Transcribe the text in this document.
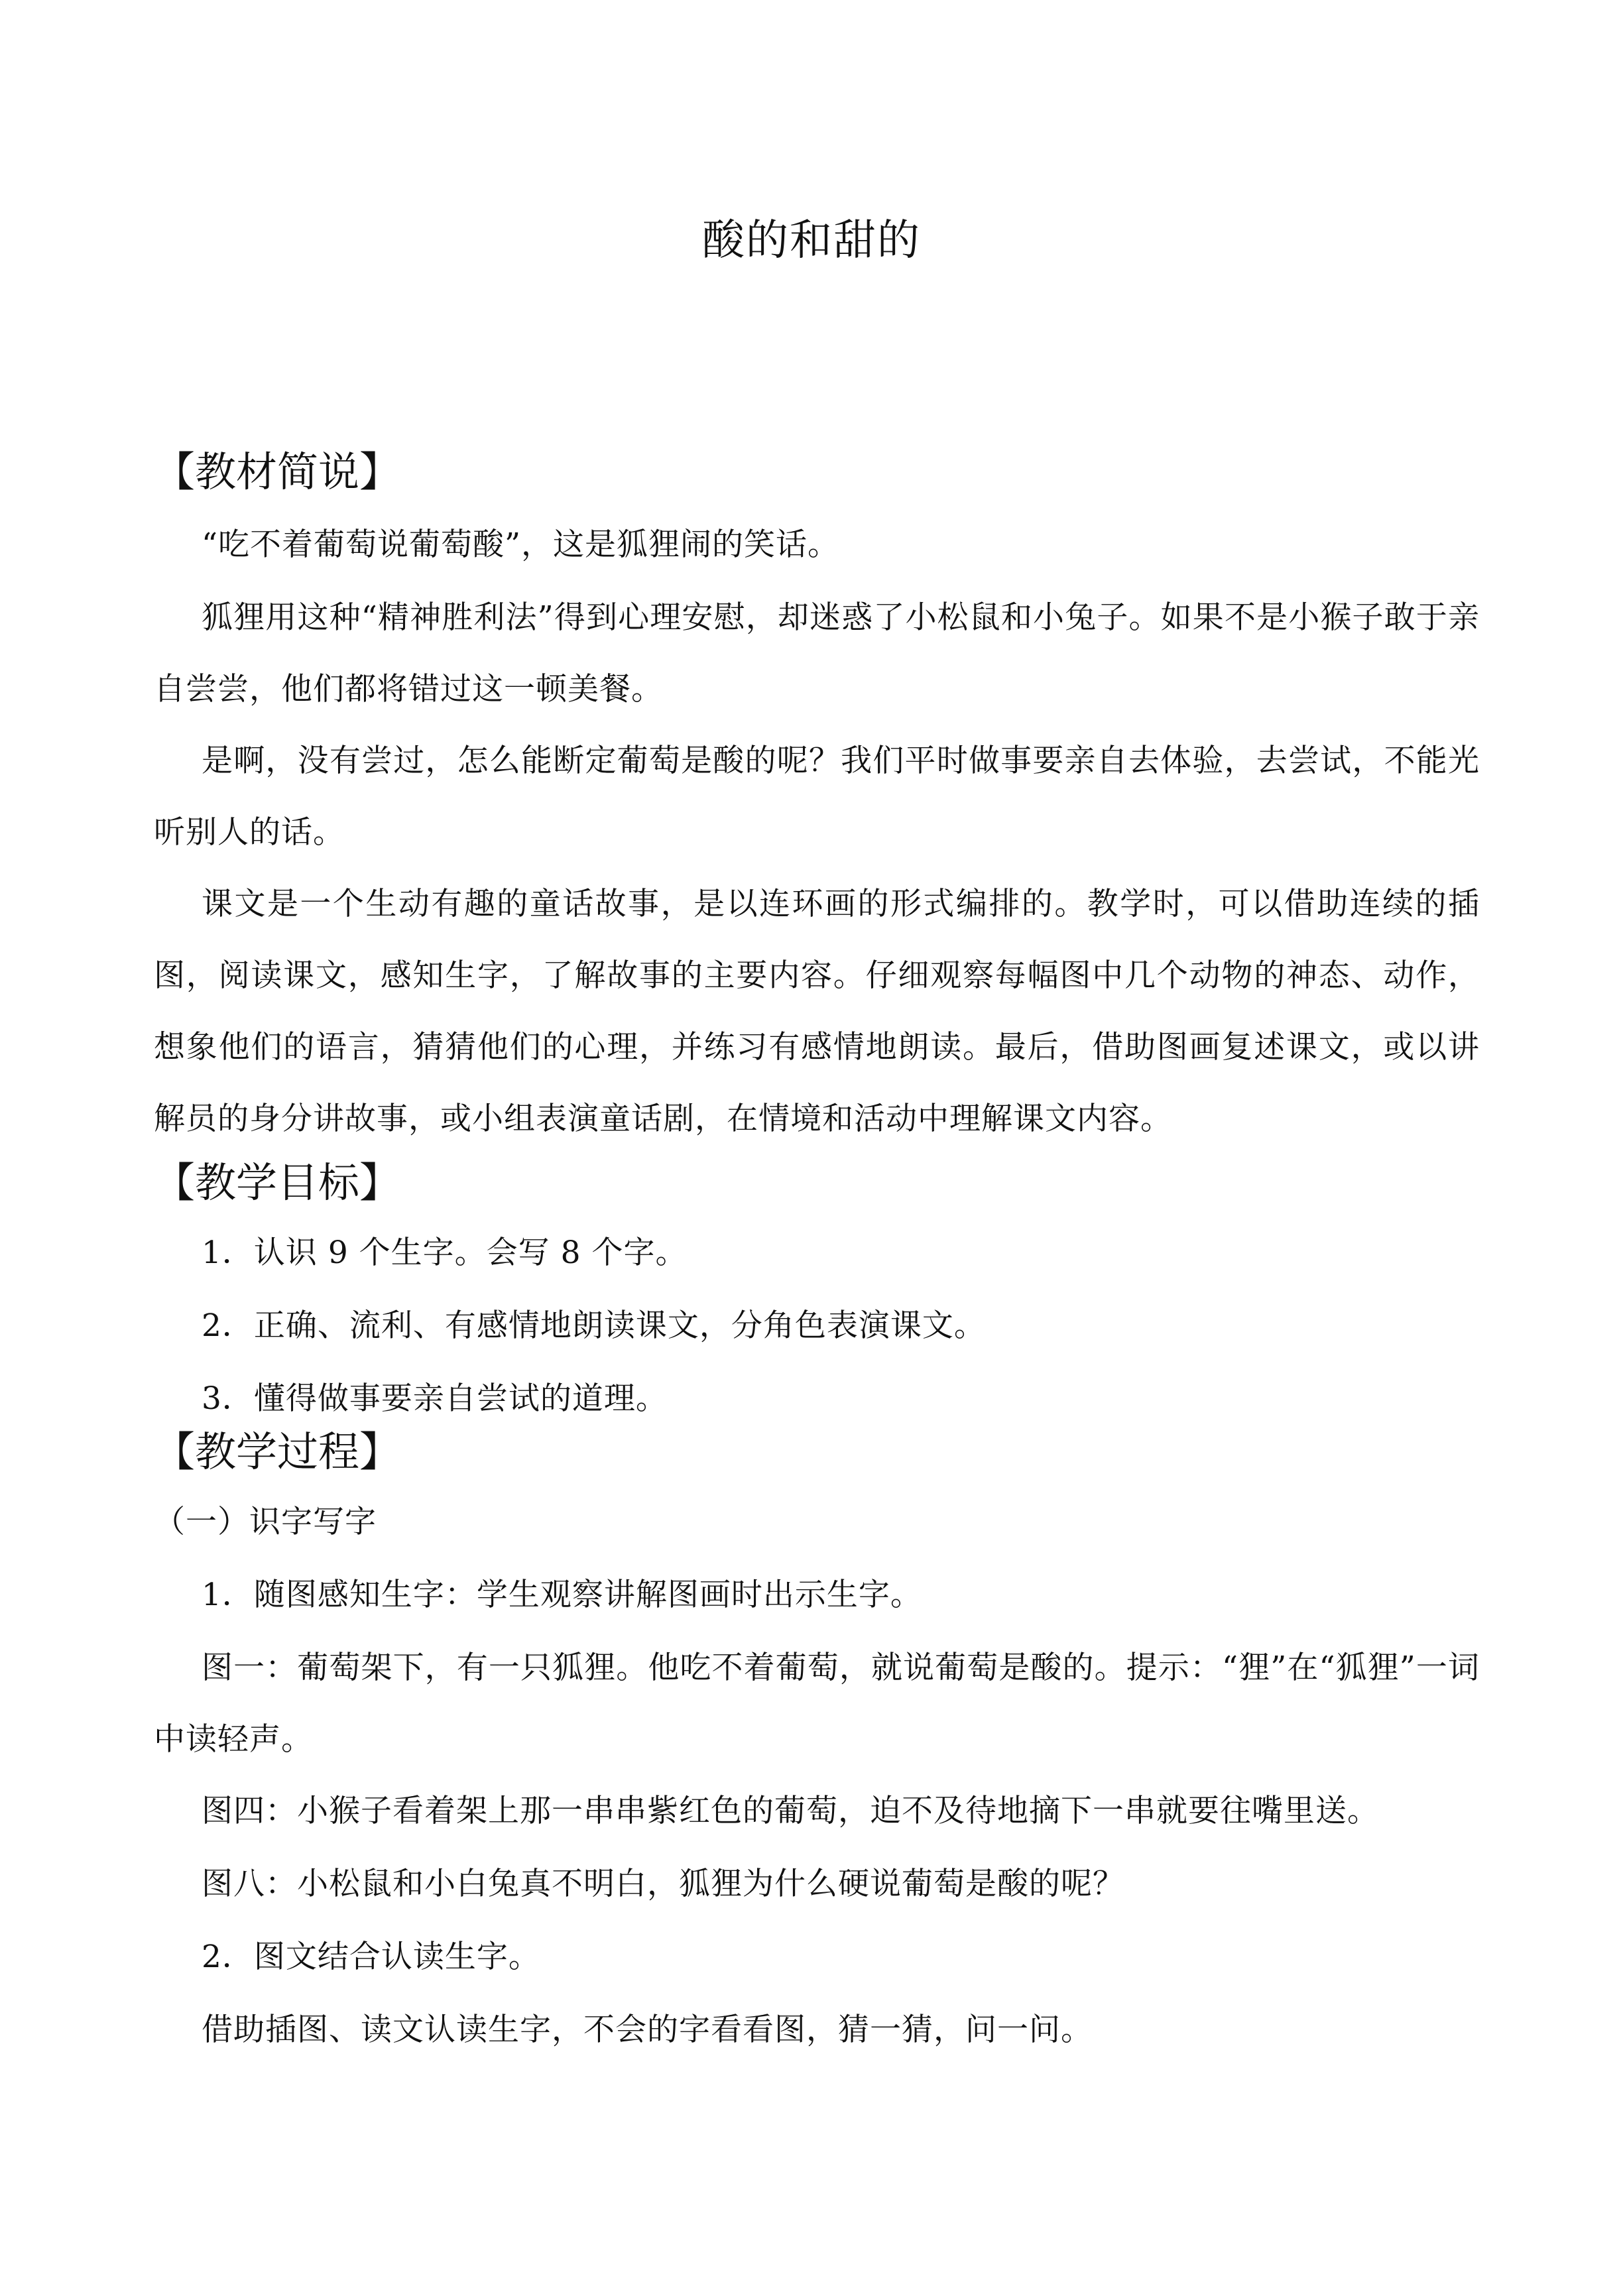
酸的和甜的
【教材简说】
“吃不着葡萄说葡萄酸”，这是狐狸闹的笑话。
狐狸用这种“精神胜利法”得到心理安慰，却迷惑了小松鼠和小兔子。如果不是小猴子敢于亲自尝尝，他们都将错过这一顿美餐。
是啊，没有尝过，怎么能断定葡萄是酸的呢？我们平时做事要亲自去体验，去尝试，不能光听别人的话。
课文是一个生动有趣的童话故事，是以连环画的形式编排的。教学时，可以借助连续的插图，阅读课文，感知生字，了解故事的主要内容。仔细观察每幅图中几个动物的神态、动作，想象他们的语言，猜猜他们的心理，并练习有感情地朗读。最后，借助图画复述课文，或以讲解员的身分讲故事，或小组表演童话剧，在情境和活动中理解课文内容。
【教学目标】
1．认识 9 个生字。会写 8 个字。
2．正确、流利、有感情地朗读课文，分角色表演课文。
3．懂得做事要亲自尝试的道理。
【教学过程】
（一）识字写字
1．随图感知生字：学生观察讲解图画时出示生字。
图一：葡萄架下，有一只狐狸。他吃不着葡萄，就说葡萄是酸的。提示：“狸”在“狐狸”一词中读轻声。
图四：小猴子看着架上那一串串紫红色的葡萄，迫不及待地摘下一串就要往嘴里送。
图八：小松鼠和小白兔真不明白，狐狸为什么硬说葡萄是酸的呢？
2．图文结合认读生字。
借助插图、读文认读生字，不会的字看看图，猜一猜，问一问。
